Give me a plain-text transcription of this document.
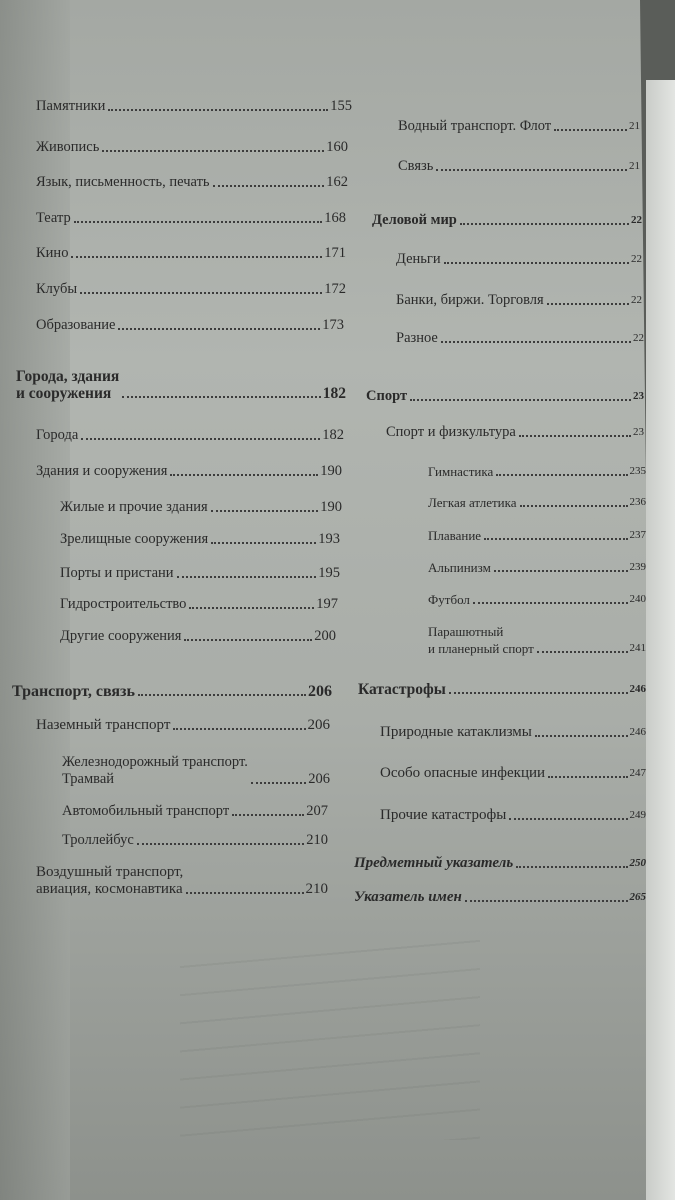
Памятники	155
Живопись	160
Язык, письменность, печать	162
Театр	168
Кино	171
Клубы	172
Образование	173
Города, здания
и сооружения	182
Города	182
Здания и сооружения	190
Жилые и прочие здания	190
Зрелищные сооружения	193
Порты и пристани	195
Гидростроительство	197
Другие сооружения	200
Транспорт, связь	206
Наземный транспорт	206
Железнодорожный транспорт.
Трамвай	206
Автомобильный транспорт	207
Троллейбус	210
Воздушный транспорт,
авиация, космонавтика	210
Водный транспорт. Флот	21
Связь	21
Деловой мир	22
Деньги	22
Банки, биржи. Торговля	22
Разное	22
Спорт	23
Спорт и физкультура	23
Гимнастика	235
Легкая атлетика	236
Плавание	237
Альпинизм	239
Футбол	240
Парашютный
и планерный спорт	241
Катастрофы	246
Природные катаклизмы	246
Особо опасные инфекции	247
Прочие катастрофы	249
Предметный указатель	250
Указатель имен	265
